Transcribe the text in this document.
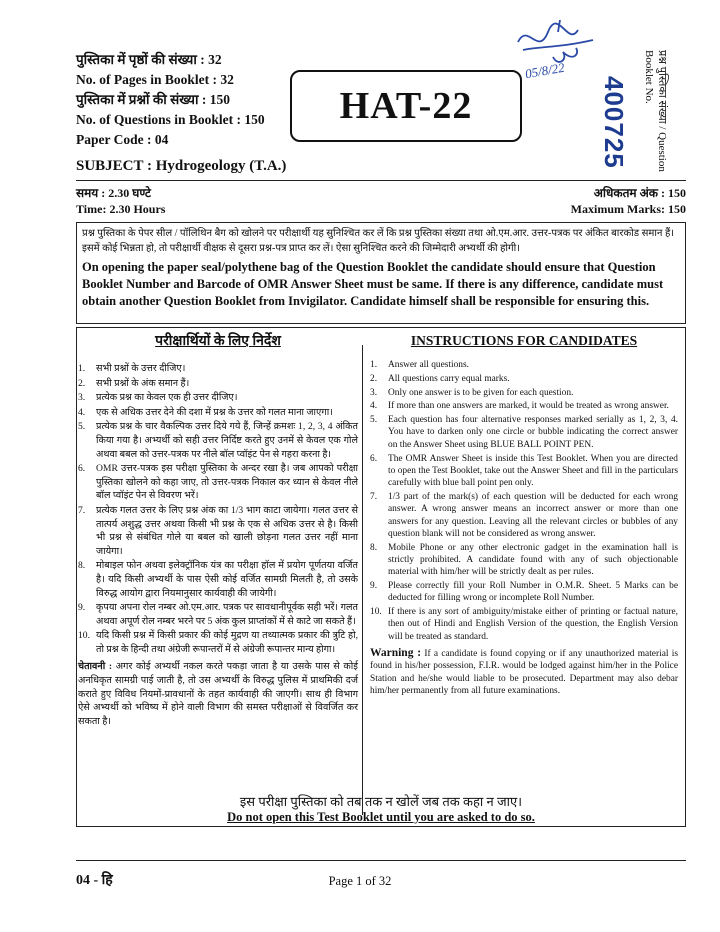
पुस्तिका में पृष्ठों की संख्या : 32
No. of Pages in Booklet : 32
पुस्तिका में प्रश्नों की संख्या : 150
No. of Questions in Booklet : 150
Paper Code : 04
HAT-22
05/8/22
400725	प्रश्न पुस्तिका संख्या / Question Booklet No.
SUBJECT : Hydrogeology (T.A.)
समय : 2.30 घण्टे
Time: 2.30 Hours
अधिकतम अंक : 150
Maximum Marks: 150
प्रश्न पुस्तिका के पेपर सील / पॉलिथिन बैग को खोलने पर परीक्षार्थी यह सुनिश्चित कर लें कि प्रश्न पुस्तिका संख्या तथा ओ.एम.आर. उत्तर-पत्रक पर अंकित बारकोड समान हैं। इसमें कोई भिन्नता हो, तो परीक्षार्थी वीक्षक से दूसरा प्रश्न-पत्र प्राप्त कर लें। ऐसा सुनिश्चित करने की जिम्मेदारी अभ्यर्थी की होगी।
On opening the paper seal/polythene bag of the Question Booklet the candidate should ensure that Question Booklet Number and Barcode of OMR Answer Sheet must be same. If there is any difference, candidate must obtain another Question Booklet from Invigilator. Candidate himself shall be responsible for ensuring this.
परीक्षार्थियों के लिए निर्देश
1.	सभी प्रश्नों के उत्तर दीजिए।
2.	सभी प्रश्नों के अंक समान हैं।
3.	प्रत्येक प्रश्न का केवल एक ही उत्तर दीजिए।
4.	एक से अधिक उत्तर देने की दशा में प्रश्न के उत्तर को गलत माना जाएगा।
5.	प्रत्येक प्रश्न के चार वैकल्पिक उत्तर दिये गये हैं, जिन्हें क्रमशः 1, 2, 3, 4 अंकित किया गया है। अभ्यर्थी को सही उत्तर निर्दिष्ट करते हुए उनमें से केवल एक गोले अथवा बबल को उत्तर-पत्रक पर नीले बॉल प्वॉइंट पेन से गहरा करना है।
6.	OMR उत्तर-पत्रक इस परीक्षा पुस्तिका के अन्दर रखा है। जब आपको परीक्षा पुस्तिका खोलने को कहा जाए, तो उत्तर-पत्रक निकाल कर ध्यान से केवल नीले बॉल प्वॉइंट पेन से विवरण भरें।
7.	प्रत्येक गलत उत्तर के लिए प्रश्न अंक का 1/3 भाग काटा जायेगा। गलत उत्तर से तात्पर्य अशुद्ध उत्तर अथवा किसी भी प्रश्न के एक से अधिक उत्तर से है। किसी भी प्रश्न से संबंधित गोले या बबल को खाली छोड़ना गलत उत्तर नहीं माना जायेगा।
8.	मोबाइल फोन अथवा इलेक्ट्रॉनिक यंत्र का परीक्षा हॉल में प्रयोग पूर्णतया वर्जित है। यदि किसी अभ्यर्थी के पास ऐसी कोई वर्जित सामग्री मिलती है, तो उसके विरुद्ध आयोग द्वारा नियमानुसार कार्यवाही की जायेगी।
9.	कृपया अपना रोल नम्बर ओ.एम.आर. पत्रक पर सावधानीपूर्वक सही भरें। गलत अथवा अपूर्ण रोल नम्बर भरने पर 5 अंक कुल प्राप्तांकों में से काटे जा सकते हैं।
10. यदि किसी प्रश्न में किसी प्रकार की कोई मुद्रण या तथ्यात्मक प्रकार की त्रुटि हो, तो प्रश्न के हिन्दी तथा अंग्रेजी रूपान्तरों में से अंग्रेजी रूपान्तर मान्य होगा।
चेतावनी : अगर कोई अभ्यर्थी नकल करते पकड़ा जाता है या उसके पास से कोई अनधिकृत सामग्री पाई जाती है, तो उस अभ्यर्थी के विरुद्ध पुलिस में प्राथमिकी दर्ज कराते हुए विविध नियमों-प्रावधानों के तहत कार्यवाही की जाएगी। साथ ही विभाग ऐसे अभ्यर्थी को भविष्य में होने वाली विभाग की समस्त परीक्षाओं से विवर्जित कर सकता है।
INSTRUCTIONS FOR CANDIDATES
1.	Answer all questions.
2.	All questions carry equal marks.
3.	Only one answer is to be given for each question.
4.	If more than one answers are marked, it would be treated as wrong answer.
5.	Each question has four alternative responses marked serially as 1, 2, 3, 4. You have to darken only one circle or bubble indicating the correct answer on the Answer Sheet using BLUE BALL POINT PEN.
6.	The OMR Answer Sheet is inside this Test Booklet. When you are directed to open the Test Booklet, take out the Answer Sheet and fill in the particulars carefully with blue ball point pen only.
7.	1/3 part of the mark(s) of each question will be deducted for each wrong answer. A wrong answer means an incorrect answer or more than one answers for any question. Leaving all the relevant circles or bubbles of any question blank will not be considered as wrong answer.
8.	Mobile Phone or any other electronic gadget in the examination hall is strictly prohibited. A candidate found with any of such objectionable material with him/her will be strictly dealt as per rules.
9.	Please correctly fill your Roll Number in O.M.R. Sheet. 5 Marks can be deducted for filling wrong or incomplete Roll Number.
10. If there is any sort of ambiguity/mistake either of printing or factual nature, then out of Hindi and English Version of the question, the English Version will be treated as standard.
Warning : If a candidate is found copying or if any unauthorized material is found in his/her possession, F.I.R. would be lodged against him/her in the Police Station and he/she would liable to be prosecuted. Department may also debar him/her permanently from all future examinations.
इस परीक्षा पुस्तिका को तब तक न खोलें जब तक कहा न जाए।
Do not open this Test Booklet until you are asked to do so.
04 - हि	Page 1 of 32
